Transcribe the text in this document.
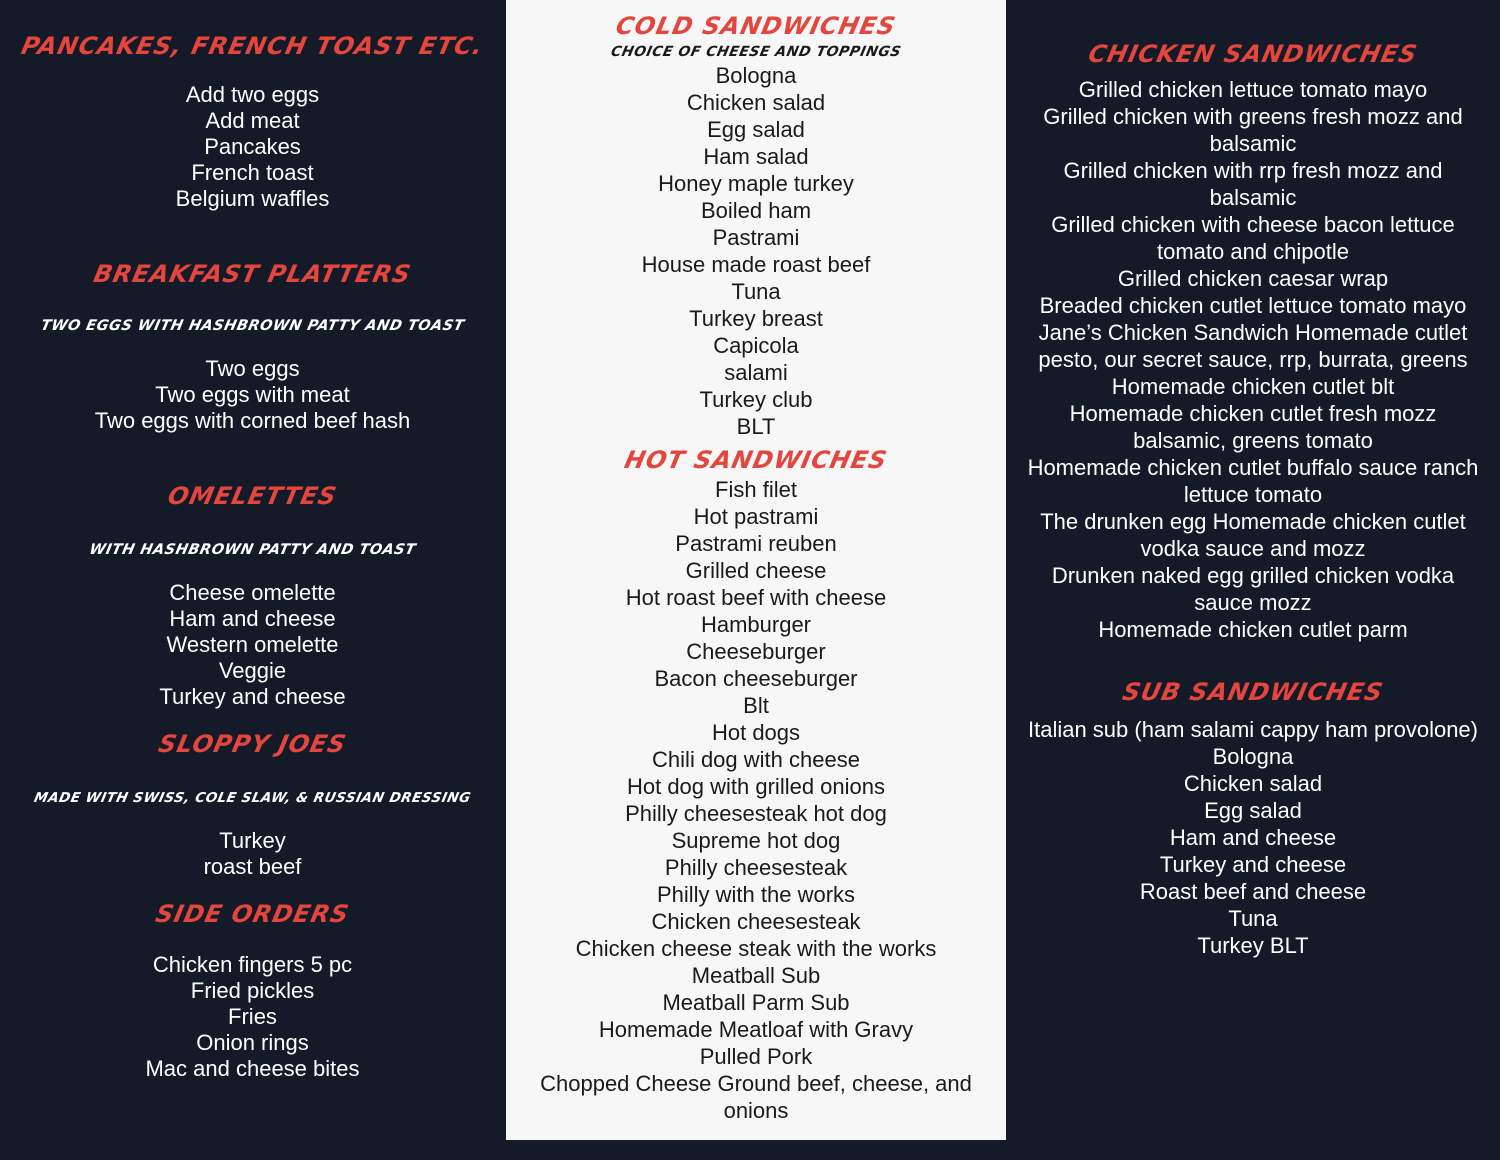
PANCAKES, FRENCH TOAST ETC.
Add two eggs
Add meat
Pancakes
French toast
Belgium waffles
BREAKFAST PLATTERS

TWO EGGS WITH HASHBROWN PATTY AND TOAST

Two eggs
Two eggs with meat
Two eggs with corned beef hash
OMELETTES

WITH HASHBROWN PATTY AND TOAST

Cheese omelette
Ham and cheese
Western omelette
Veggie
Turkey and cheese
SLOPPY JOES

MADE WITH SWISS, COLE SLAW, & RUSSIAN DRESSING

Turkey
roast beef
SIDE ORDERS
Chicken fingers 5 pc
Fried pickles
Fries
Onion rings
Mac and cheese bites
COLD SANDWICHES

CHOICE OF CHEESE AND TOPPINGS

Bologna
Chicken salad
Egg salad
Ham salad
Honey maple turkey
Boiled ham
Pastrami
House made roast beef
Tuna
Turkey breast
Capicola
salami
Turkey club
BLT
HOT SANDWICHES
Fish filet
Hot pastrami
Pastrami reuben
Grilled cheese
Hot roast beef with cheese
Hamburger
Cheeseburger
Bacon cheeseburger
Blt
Hot dogs
Chili dog with cheese
Hot dog with grilled onions
Philly cheesesteak hot dog
Supreme hot dog
Philly cheesesteak
Philly with the works
Chicken cheesesteak
Chicken cheese steak with the works
Meatball Sub
Meatball Parm Sub
Homemade Meatloaf with Gravy
Pulled Pork
Chopped Cheese Ground beef, cheese, and onions
CHICKEN SANDWICHES
Grilled chicken lettuce tomato mayo
Grilled chicken with greens fresh mozz and balsamic
Grilled chicken with rrp fresh mozz and balsamic
Grilled chicken with cheese bacon lettuce tomato and chipotle
Grilled chicken caesar wrap
Breaded chicken cutlet lettuce tomato mayo
Jane’s Chicken Sandwich Homemade cutlet pesto, our secret sauce, rrp, burrata, greens
Homemade chicken cutlet blt
Homemade chicken cutlet fresh mozz balsamic, greens tomato
Homemade chicken cutlet buffalo sauce ranch lettuce tomato
The drunken egg Homemade chicken cutlet vodka sauce and mozz
Drunken naked egg grilled chicken vodka sauce mozz
Homemade chicken cutlet parm
SUB SANDWICHES
Italian sub (ham salami cappy ham provolone)
Bologna
Chicken salad
Egg salad
Ham and cheese
Turkey and cheese
Roast beef and cheese
Tuna
Turkey BLT
